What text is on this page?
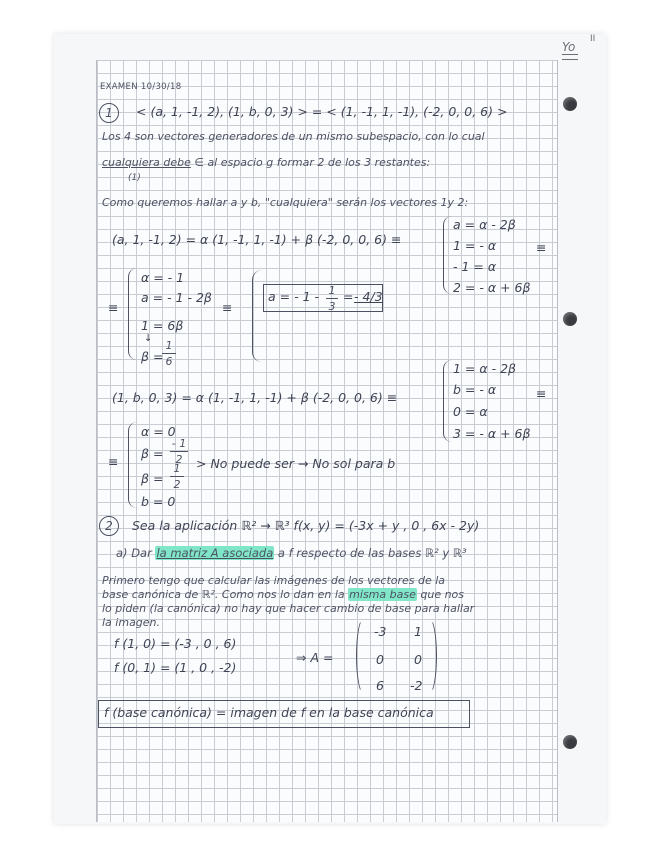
Yo
II
EXAMEN 10/30/18
1	< (a, 1, -1, 2), (1, b, 0, 3) > = < (1, -1, 1, -1), (-2, 0, 0, 6) >
Los 4 son vectores generadores de un mismo subespacio, con lo cual
cualquiera debe ∈ al espacio g formar 2 de los 3 restantes:
(1)
Como queremos hallar a y b, "cualquiera" serán los vectores 1y 2:
(a, 1, -1, 2) = α (1, -1, 1, -1) + β (-2, 0, 0, 6) ≡
a = α - 2β
1 = - α
- 1 = α
2 = - α + 6β
≡
≡
α = - 1
a = - 1 - 2β
1 = 6β
↓
β =
1
6
≡
a = - 1 - 1
3
= - 4/3
(1, b, 0, 3) = α (1, -1, 1, -1) + β (-2, 0, 0, 6) ≡
1 = α - 2β
b = - α
0 = α
3 = - α + 6β
≡
≡
α = 0
β =
- 1
2
β =
1
2
b = 0
> No puede ser → No sol para b
2	Sea la aplicación ℝ² → ℝ³ f(x, y) = (-3x + y , 0 , 6x - 2y)
a) Dar la matriz A asociada a f respecto de las bases ℝ² y ℝ³
Primero tengo que calcular las imágenes de los vectores de la
base canónica de ℝ². Como nos lo dan en la misma base que nos
lo piden (la canónica) no hay que hacer cambio de base para hallar
la imagen.
f (1, 0) = (-3 , 0 , 6)
f (0, 1) = (1 , 0 , -2)
⇒ A =
-3 1
0 0
6 -2
f (base canónica) = imagen de f en la base canónica
